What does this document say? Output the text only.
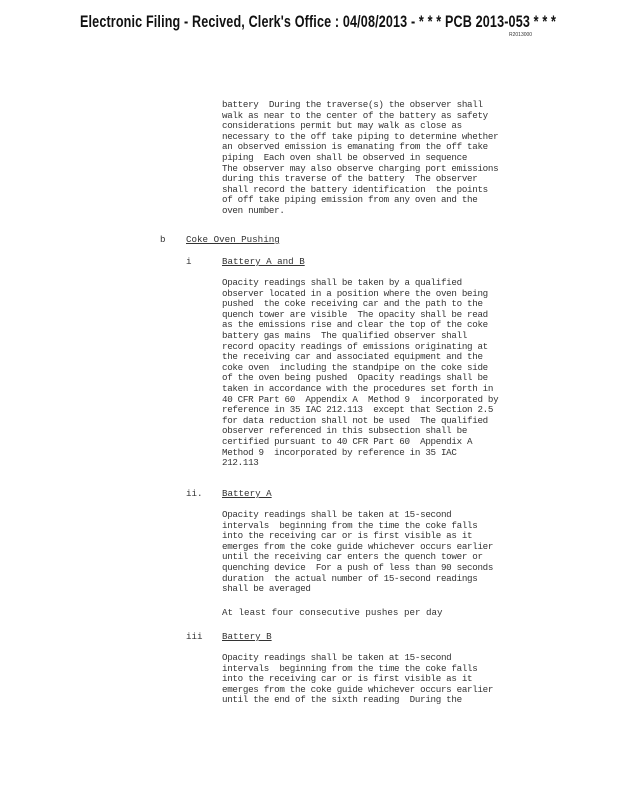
Electronic Filing - Recived, Clerk's Office : 04/08/2013 - * * * PCB 2013-053 * * *
R2013000
battery  During the traverse(s) the observer shall
walk as near to the center of the battery as safety
considerations permit but may walk as close as
necessary to the off take piping to determine whether
an observed emission is emanating from the off take
piping  Each oven shall be observed in sequence
The observer may also observe charging port emissions
during this traverse of the battery  The observer
shall record the battery identification  the points
of off take piping emission from any oven and the
oven number.
b Coke Oven Pushing
i	Battery A and B
Opacity readings shall be taken by a qualified
observer located in a position where the oven being
pushed  the coke receiving car and the path to the
quench tower are visible  The opacity shall be read
as the emissions rise and clear the top of the coke
battery gas mains  The qualified observer shall
record opacity readings of emissions originating at
the receiving car and associated equipment and the
coke oven  including the standpipe on the coke side
of the oven being pushed  Opacity readings shall be
taken in accordance with the procedures set forth in
40 CFR Part 60  Appendix A  Method 9  incorporated by
reference in 35 IAC 212.113  except that Section 2.5
for data reduction shall not be used  The qualified
observer referenced in this subsection shall be
certified pursuant to 40 CFR Part 60  Appendix A
Method 9  incorporated by reference in 35 IAC
212.113
ii. Battery A
Opacity readings shall be taken at 15-second
intervals  beginning from the time the coke falls
into the receiving car or is first visible as it
emerges from the coke guide whichever occurs earlier
until the receiving car enters the quench tower or
quenching device  For a push of less than 90 seconds
duration  the actual number of 15-second readings
shall be averaged
At least four consecutive pushes per day
iii Battery B
Opacity readings shall be taken at 15-second
intervals  beginning from the time the coke falls
into the receiving car or is first visible as it
emerges from the coke guide whichever occurs earlier
until the end of the sixth reading  During the
